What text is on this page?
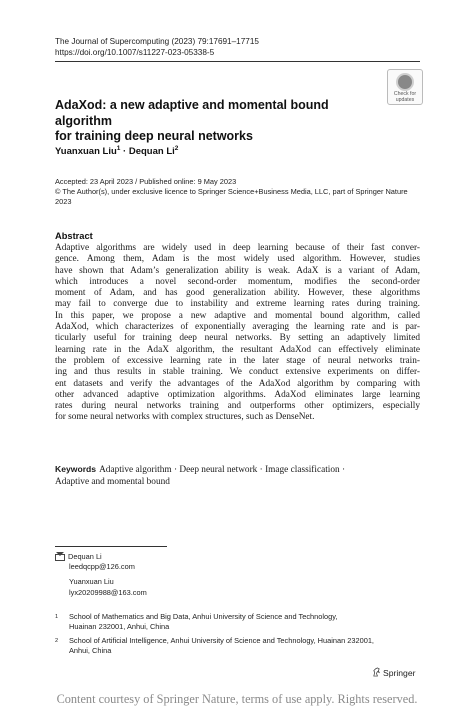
The Journal of Supercomputing (2023) 79:17691–17715
https://doi.org/10.1007/s11227-023-05338-5
Check for
updates
AdaXod: a new adaptive and momental bound algorithm
for training deep neural networks
Yuanxuan Liu$^1$ · Dequan Li$^2$
Accepted: 23 April 2023 / Published online: 9 May 2023
© The Author(s), under exclusive licence to Springer Science+Business Media, LLC, part of Springer Nature
2023
Abstract
Adaptive algorithms are widely used in deep learning because of their fast conver-
gence. Among them, Adam is the most widely used algorithm. However, studies
have shown that Adam’s generalization ability is weak. AdaX is a variant of Adam,
which introduces a novel second-order momentum, modifies the second-order
moment of Adam, and has good generalization ability. However, these algorithms
may fail to converge due to instability and extreme learning rates during training.
In this paper, we propose a new adaptive and momental bound algorithm, called
AdaXod, which characterizes of exponentially averaging the learning rate and is par-
ticularly useful for training deep neural networks. By setting an adaptively limited
learning rate in the AdaX algorithm, the resultant AdaXod can effectively eliminate
the problem of excessive learning rate in the later stage of neural networks train-
ing and thus results in stable training. We conduct extensive experiments on differ-
ent datasets and verify the advantages of the AdaXod algorithm by comparing with
other advanced adaptive optimization algorithms. AdaXod eliminates large learning
rates during neural networks training and outperforms other optimizers, especially
for some neural networks with complex structures, such as DenseNet.
Keywords Adaptive algorithm · Deep neural network · Image classification ·
Adaptive and momental bound
Dequan Li
leedqcpp@126.com
Yuanxuan Liu
lyx20209988@163.com
1	School of Mathematics and Big Data, Anhui University of Science and Technology,
Huainan 232001, Anhui, China
2	School of Artificial Intelligence, Anhui University of Science and Technology, Huainan 232001,
Anhui, China
Springer
Content courtesy of Springer Nature, terms of use apply. Rights reserved.
